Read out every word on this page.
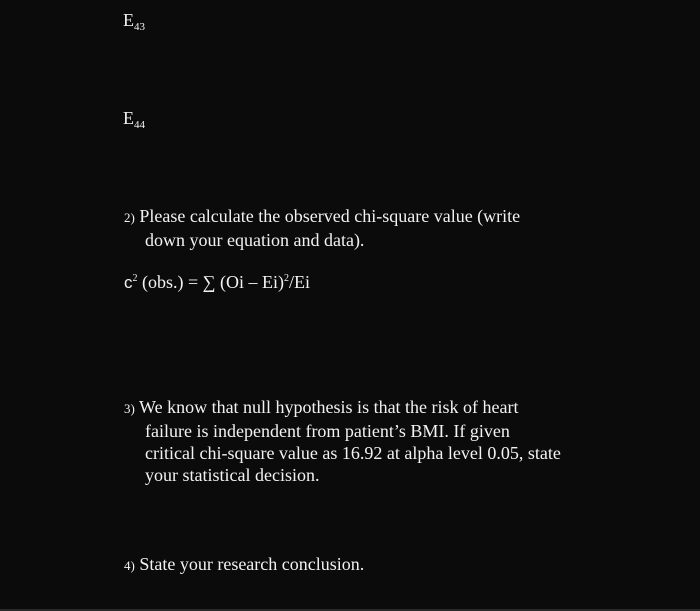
$E_{43}$
$E_{44}$
2) Please calculate the observed chi-square value (write
down your equation and data).
$c^2$ (obs.) = ∑ (Oi – Ei)$^2$/Ei
3) We know that null hypothesis is that the risk of heart
failure is independent from patient’s BMI. If given
critical chi-square value as 16.92 at alpha level 0.05, state
your statistical decision.
4) State your research conclusion.
